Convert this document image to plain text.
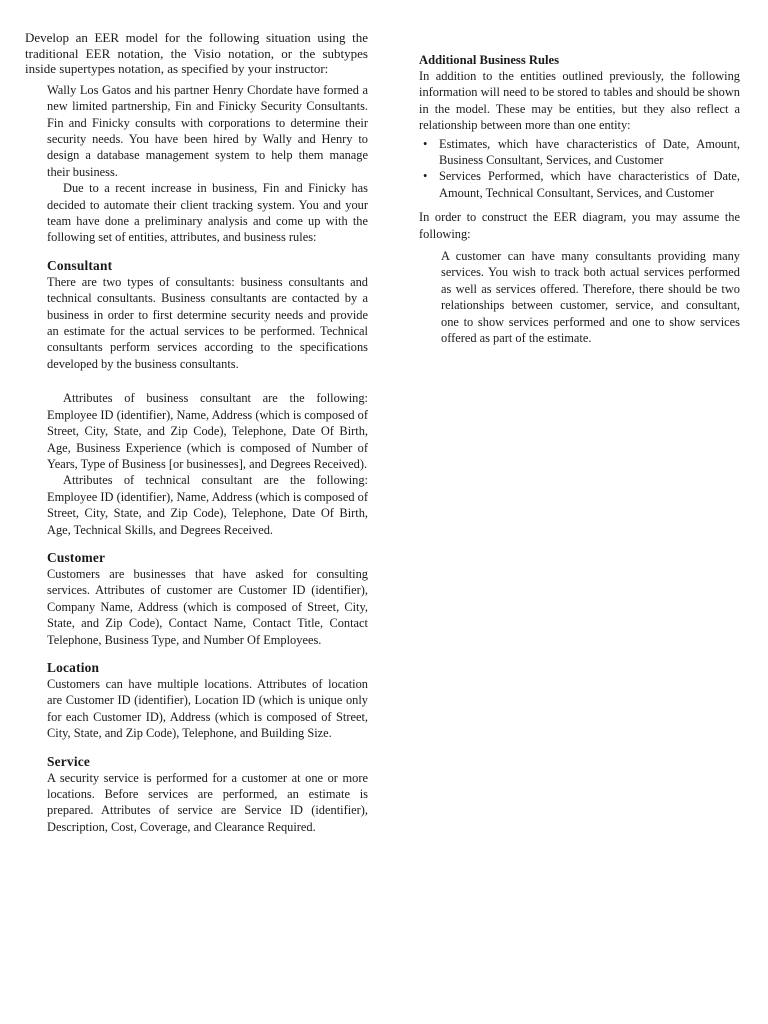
Develop an EER model for the following situation using the traditional EER notation, the Visio notation, or the subtypes inside supertypes notation, as specified by your instructor:

Wally Los Gatos and his partner Henry Chordate have formed a new limited partnership, Fin and Finicky Security Consultants. Fin and Finicky consults with corporations to determine their security needs. You have been hired by Wally and Henry to design a database management system to help them manage their business.

Due to a recent increase in business, Fin and Finicky has decided to automate their client tracking system. You and your team have done a preliminary analysis and come up with the following set of entities, attributes, and business rules:

Consultant

There are two types of consultants: business consultants and technical consultants. Business consultants are contacted by a business in order to first determine security needs and provide an estimate for the actual services to be performed. Technical consultants perform services according to the specifications developed by the business consultants.

Attributes of business consultant are the following: Employee ID (identifier), Name, Address (which is composed of Street, City, State, and Zip Code), Telephone, Date Of Birth, Age, Business Experience (which is composed of Number of Years, Type of Business [or businesses], and Degrees Received).

Attributes of technical consultant are the following: Employee ID (identifier), Name, Address (which is composed of Street, City, State, and Zip Code), Telephone, Date Of Birth, Age, Technical Skills, and Degrees Received.

Customer

Customers are businesses that have asked for consulting services. Attributes of customer are Customer ID (identifier), Company Name, Address (which is composed of Street, City, State, and Zip Code), Contact Name, Contact Title, Contact Telephone, Business Type, and Number Of Employees.

Location

Customers can have multiple locations. Attributes of location are Customer ID (identifier), Location ID (which is unique only for each Customer ID), Address (which is composed of Street, City, State, and Zip Code), Telephone, and Building Size.

Service

A security service is performed for a customer at one or more locations. Before services are performed, an estimate is prepared. Attributes of service are Service ID (identifier), Description, Cost, Coverage, and Clearance Required.

Additional Business Rules

In addition to the entities outlined previously, the following information will need to be stored to tables and should be shown in the model. These may be entities, but they also reflect a relationship between more than one entity:

• Estimates, which have characteristics of Date, Amount, Business Consultant, Services, and Customer
• Services Performed, which have characteristics of Date, Amount, Technical Consultant, Services, and Customer

In order to construct the EER diagram, you may assume the following:

A customer can have many consultants providing many services. You wish to track both actual services performed as well as services offered. Therefore, there should be two relationships between customer, service, and consultant, one to show services performed and one to show services offered as part of the estimate.
